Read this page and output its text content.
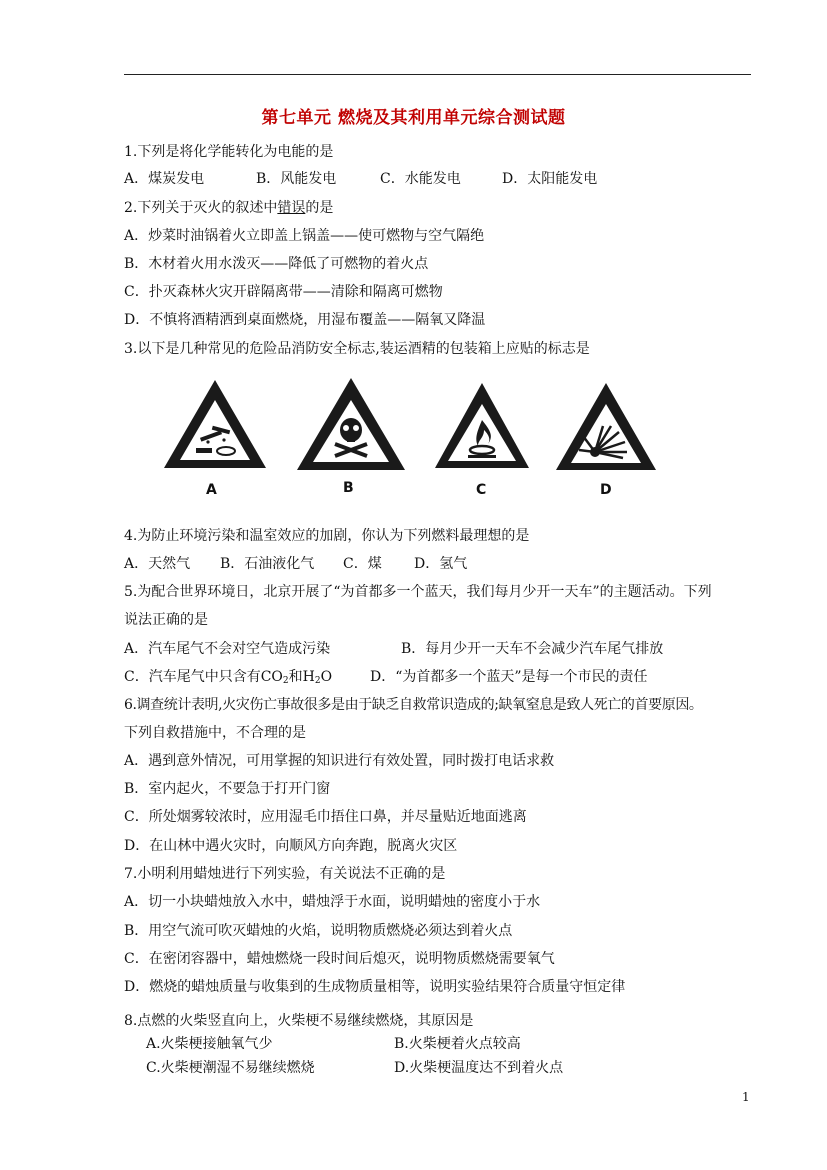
第七单元 燃烧及其利用单元综合测试题
1.下列是将化学能转化为电能的是
A．煤炭发电	B．风能发电	C．水能发电	D．太阳能发电
2.下列关于灭火的叙述中错误的是
A．炒菜时油锅着火立即盖上锅盖——使可燃物与空气隔绝
B．木材着火用水泼灭——降低了可燃物的着火点
C．扑灭森林火灾开辟隔离带——清除和隔离可燃物
D．不慎将酒精洒到桌面燃烧，用湿布覆盖——隔氧又降温
3.以下是几种常见的危险品消防安全标志,装运酒精的包装箱上应贴的标志是
A	B	C	D
4.为防止环境污染和温室效应的加剧，你认为下列燃料最理想的是
A．天然气 B．石油液化气 C．煤 D．氢气
5.为配合世界环境日，北京开展了“为首都多一个蓝天，我们每月少开一天车”的主题活动。下列
说法正确的是
A．汽车尾气不会对空气造成污染	B．每月少开一天车不会减少汽车尾气排放
C．汽车尾气中只含有$CO_2$和$H_2O$	D．“为首都多一个蓝天”是每一个市民的责任
6.调查统计表明,火灾伤亡事故很多是由于缺乏自救常识造成的;缺氧窒息是致人死亡的首要原因。
下列自救措施中，不合理的是
A．遇到意外情况，可用掌握的知识进行有效处置，同时拨打电话求救
B．室内起火，不要急于打开门窗
C．所处烟雾较浓时，应用湿毛巾捂住口鼻，并尽量贴近地面逃离
D．在山林中遇火灾时，向顺风方向奔跑，脱离火灾区
7.小明利用蜡烛进行下列实验，有关说法不正确的是
A．切一小块蜡烛放入水中，蜡烛浮于水面，说明蜡烛的密度小于水
B．用空气流可吹灭蜡烛的火焰，说明物质燃烧必须达到着火点
C．在密闭容器中，蜡烛燃烧一段时间后熄灭，说明物质燃烧需要氧气
D．燃烧的蜡烛质量与收集到的生成物质量相等，说明实验结果符合质量守恒定律
8.点燃的火柴竖直向上，火柴梗不易继续燃烧，其原因是
A.火柴梗接触氧气少	B.火柴梗着火点较高
C.火柴梗潮湿不易继续燃烧	D.火柴梗温度达不到着火点
1
